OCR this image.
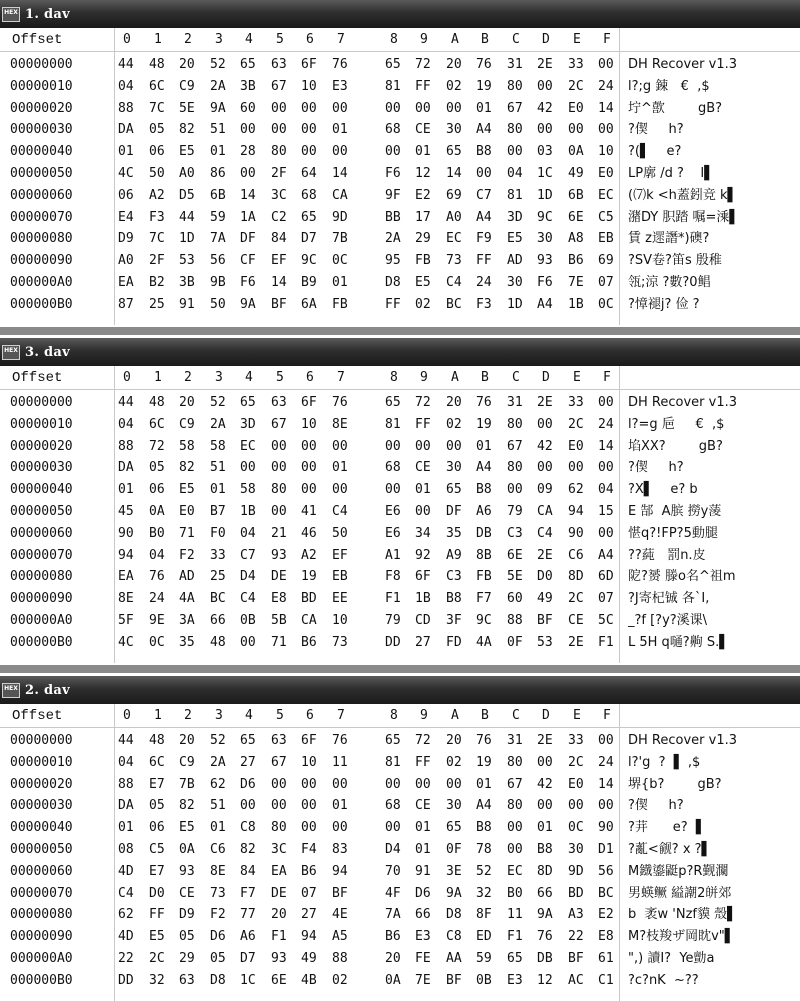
HEX 1. dav
Offset	0 1 2 3 4 5 6 7	8 9 A B C D E F
00000000	44 48 20 52 65 63 6F 76	65 72 20 76 31 2E 33 00 DH Recover v1.3
00000010	04 6C C9 2A 3B 67 10 E3	81 FF 02 19 80 00 2C 24 l?;g 鋉   €  ,$
00000020	88 7C 5E 9A 60 00 00 00	00 00 00 01 67 42 E0 14 坾^歖        gB?
00000030	DA 05 82 51 00 00 00 01	68 CE 30 A4 80 00 00 00 ?偰     h?
00000040	01 06 E5 01 28 80 00 00	00 01 65 B8 00 03 0A 10 ?(▌    e?
00000050	4C 50 A0 86 00 2F 64 14	F6 12 14 00 04 1C 49 E0 LP廓 /d ?    I▌
00000060	06 A2 D5 6B 14 3C 68 CA	9F E2 69 C7 81 1D 6B EC (⑺k <h蓋鈏竞 k▌
00000070	E4 F3 44 59 1A C2 65 9D	BB 17 A0 A4 3D 9C 6E C5 潴DY 胑踏 嘱=溗▌
00000080	D9 7C 1D 7A DF 84 D7 7B	2A 29 EC F9 E5 30 A8 EB 賃 z遝譖*)礇?
00000090	A0 2F 53 56 CF EF 9C 0C	95 FB 73 FF AD 93 B6 69 ?SV卷?笛s 殷稚
000000A0	EA B2 3B 9B F6 14 B9 01	D8 E5 C4 24 30 F6 7E 07 瓴;涼 ?數?0鲳
000000B0	87 25 91 50 9A BF 6A FB	FF 02 BC F3 1D A4 1B 0C ?慞褪j? 俭 ?
HEX 3. dav
Offset	0 1 2 3 4 5 6 7	8 9 A B C D E F
00000000	44 48 20 52 65 63 6F 76	65 72 20 76 31 2E 33 00 DH Recover v1.3
00000010	04 6C C9 2A 3D 67 10 8E	81 FF 02 19 80 00 2C 24 l?=g 巵     €  ,$
00000020	88 72 58 58 EC 00 00 00	00 00 00 01 67 42 E0 14 埳XX?        gB?
00000030	DA 05 82 51 00 00 00 01	68 CE 30 A4 80 00 00 00 ?偰     h?
00000040	01 06 E5 01 58 80 00 00	00 01 65 B8 00 09 62 04 ?X▌    e? b
00000050	45 0A E0 B7 1B 00 41 C4	E6 00 DF A6 79 CA 94 15 E 郜  A膑 撈y蔆
00000060	90 B0 71 F0 04 21 46 50	E6 34 35 DB C3 C4 90 00 愖q?!FP?5動腿
00000070	94 04 F2 33 C7 93 A2 EF	A1 92 A9 8B 6E 2E C6 A4 ??蒓   罰n.皮
00000080	EA 76 AD 25 D4 DE 19 EB	F8 6F C3 FB 5E D0 8D 6D 阸?赟 滕o名^祖m
00000090	8E 24 4A BC C4 E8 BD EE	F1 1B B8 F7 60 49 2C 07 ?J寄杞铖 各`I,
000000A0	5F 9E 3A 66 0B 5B CA 10	79 CD 3F 9C 88 BF CE 5C _?f [?y?溪课\
000000B0	4C 0C 35 48 00 71 B6 73	DD 27 FD 4A 0F 53 2E F1 L 5H q嗵?齁 S.▌
HEX 2. dav
Offset	0 1 2 3 4 5 6 7	8 9 A B C D E F
00000000	44 48 20 52 65 63 6F 76	65 72 20 76 31 2E 33 00 DH Recover v1.3
00000010	04 6C C9 2A 27 67 10 11	81 FF 02 19 80 00 2C 24 l?'g  ?  ▌ ,$
00000020	88 E7 7B 62 D6 00 00 00	00 00 00 01 67 42 E0 14 堺{b?        gB?
00000030	DA 05 82 51 00 00 00 01	68 CE 30 A4 80 00 00 00 ?偰     h?
00000040	01 06 E5 01 C8 80 00 00	00 01 65 B8 00 01 0C 90 ?茾      e?  ▌
00000050	08 C5 0A C6 82 3C F4 83	D4 01 0F 78 00 B8 30 D1 ?薍<觎? x ?▌
00000060	4D E7 93 8E 84 EA B6 94	70 91 3E 52 EC 8D 9D 56 M鐡鎏鼮p?R觐灁
00000070	C4 D0 CE 73 F7 DE 07 BF	4F D6 9A 32 B0 66 BD BC 男蝧鳜 縊謿2皏郊
00000080	62 FF D9 F2 77 20 27 4E	7A 66 D8 8F 11 9A A3 E2 b  袤w 'Nzf貘 殼▌
00000090	4D E5 05 D6 A6 F1 94 A5	B6 E3 C8 ED F1 76 22 E8 M?枝羧ザ岡眈v"▌
000000A0	22 2C 29 05 D7 93 49 88	20 FE AA 59 65 DB BF 61 ",) 讀I?  Ye勯a
000000B0	DD 32 63 D8 1C 6E 4B 02	0A 7E BF 0B E3 12 AC C1 ?c?nK  ~??
